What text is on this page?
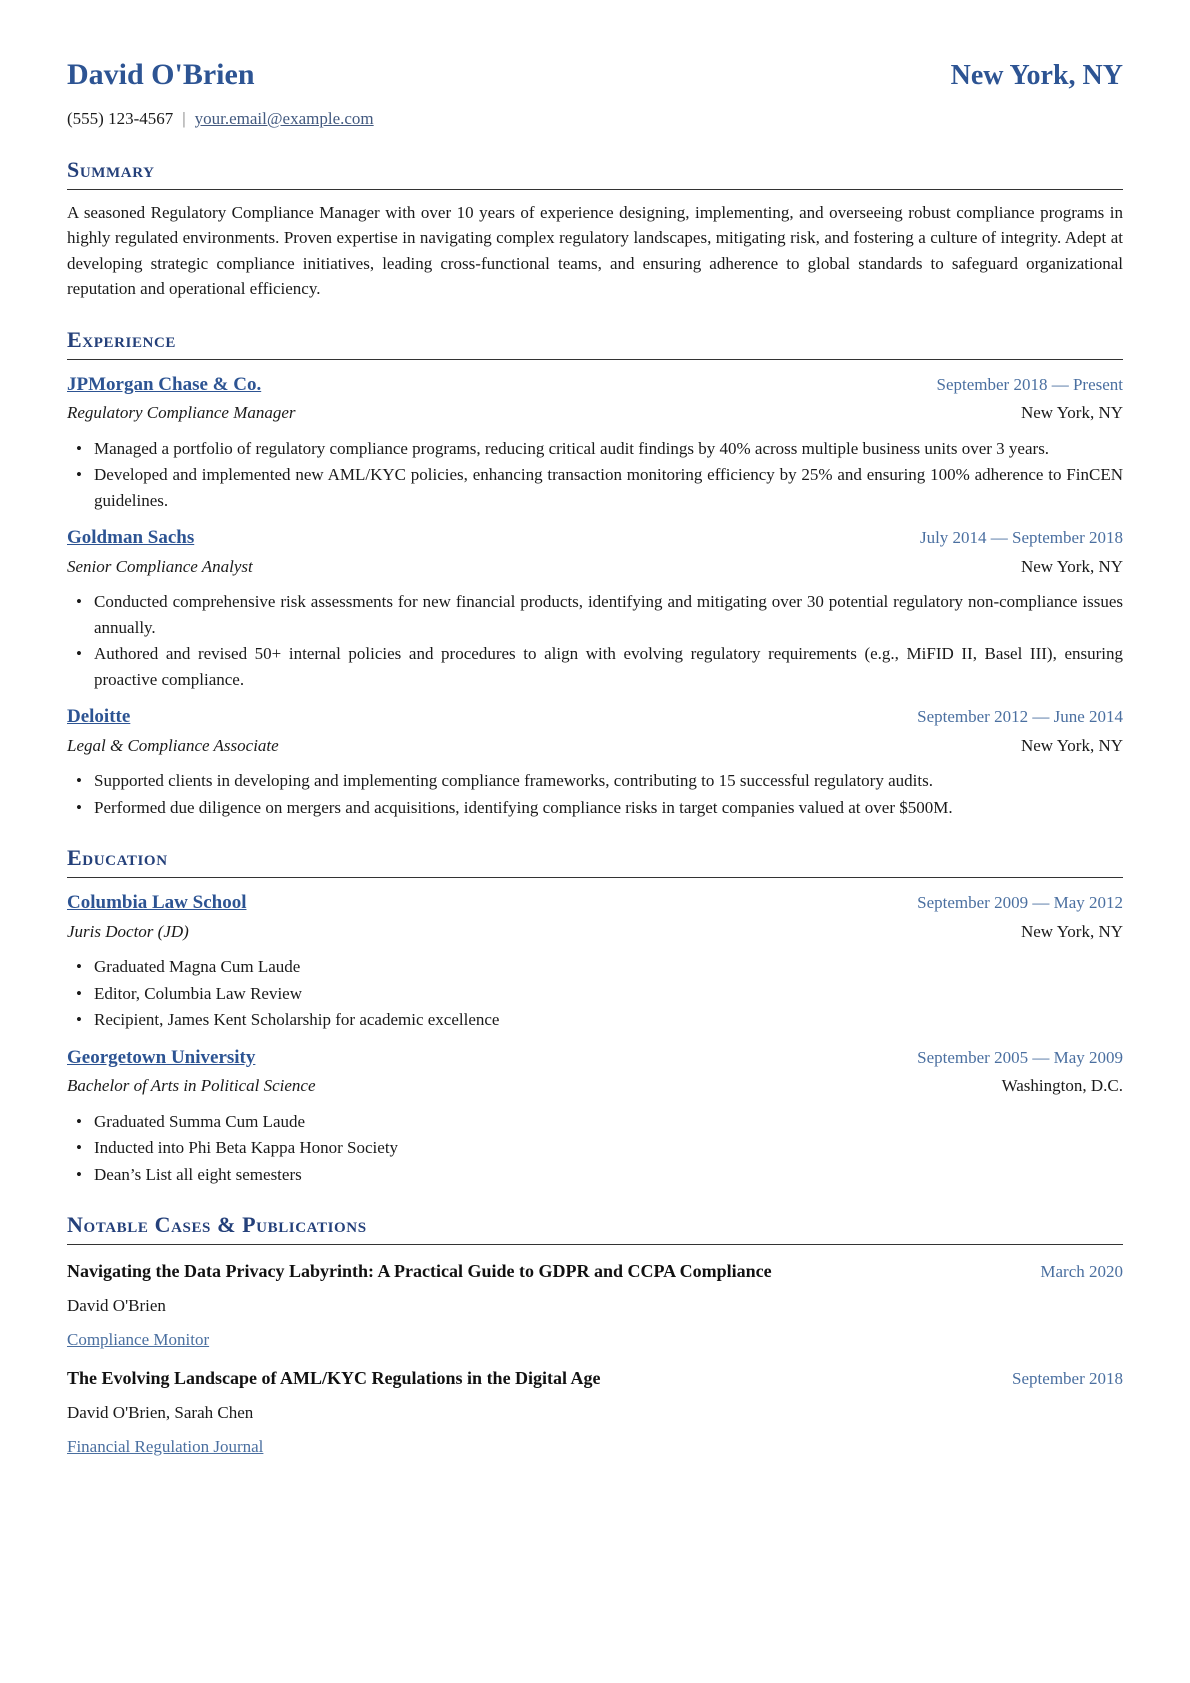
David O'Brien	New York, NY
(555) 123-4567 | your.email@example.com
Summary

A seasoned Regulatory Compliance Manager with over 10 years of experience designing, implementing, and overseeing robust compliance programs in highly regulated environments. Proven expertise in navigating complex regulatory landscapes, mitigating risk, and fostering a culture of integrity. Adept at developing strategic compliance initiatives, leading cross-functional teams, and ensuring adherence to global standards to safeguard organizational reputation and operational efficiency.

Experience
JPMorgan Chase & Co.	September 2018 — Present
Regulatory Compliance Manager	New York, NY
• Managed a portfolio of regulatory compliance programs, reducing critical audit findings by 40% across multiple business units over 3 years.
• Developed and implemented new AML/KYC policies, enhancing transaction monitoring efficiency by 25% and ensuring 100% adherence to FinCEN guidelines.
Goldman Sachs	July 2014 — September 2018
Senior Compliance Analyst	New York, NY
• Conducted comprehensive risk assessments for new financial products, identifying and mitigating over 30 potential regulatory non-compliance issues annually.
• Authored and revised 50+ internal policies and procedures to align with evolving regulatory requirements (e.g., MiFID II, Basel III), ensuring proactive compliance.
Deloitte	September 2012 — June 2014
Legal & Compliance Associate	New York, NY
• Supported clients in developing and implementing compliance frameworks, contributing to 15 successful regulatory audits.
• Performed due diligence on mergers and acquisitions, identifying compliance risks in target companies valued at over $500M.
Education
Columbia Law School	September 2009 — May 2012
Juris Doctor (JD)	New York, NY
• Graduated Magna Cum Laude
• Editor, Columbia Law Review
• Recipient, James Kent Scholarship for academic excellence
Georgetown University	September 2005 — May 2009
Bachelor of Arts in Political Science	Washington, D.C.
• Graduated Summa Cum Laude
• Inducted into Phi Beta Kappa Honor Society
• Dean’s List all eight semesters
Notable Cases & Publications
Navigating the Data Privacy Labyrinth: A Practical Guide to GDPR and CCPA Compliance	March 2020
David O'Brien
Compliance Monitor
The Evolving Landscape of AML/KYC Regulations in the Digital Age	September 2018
David O'Brien, Sarah Chen
Financial Regulation Journal
